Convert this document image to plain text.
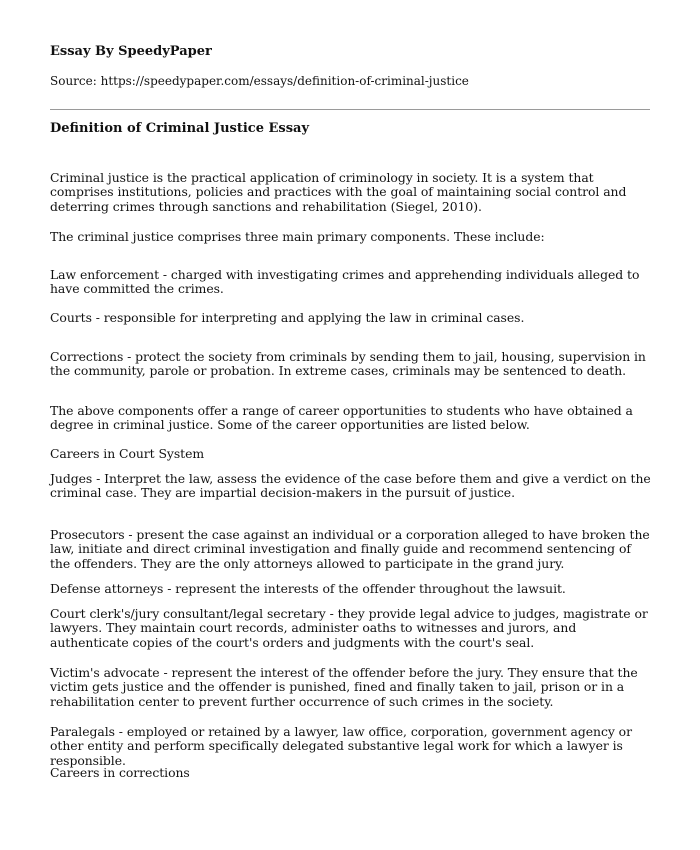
Essay By SpeedyPaper
Source: https://speedypaper.com/essays/definition-of-criminal-justice
Definition of Criminal Justice Essay

Criminal justice is the practical application of criminology in society. It is a system that comprises institutions, policies and practices with the goal of maintaining social control and deterring crimes through sanctions and rehabilitation (Siegel, 2010).

The criminal justice comprises three main primary components. These include:

Law enforcement - charged with investigating crimes and apprehending individuals alleged to have committed the crimes.

Courts - responsible for interpreting and applying the law in criminal cases.

Corrections - protect the society from criminals by sending them to jail, housing, supervision in the community, parole or probation. In extreme cases, criminals may be sentenced to death.

The above components offer a range of career opportunities to students who have obtained a degree in criminal justice. Some of the career opportunities are listed below.

Careers in Court System

Judges - Interpret the law, assess the evidence of the case before them and give a verdict on the criminal case. They are impartial decision-makers in the pursuit of justice.

Prosecutors - present the case against an individual or a corporation alleged to have broken the law, initiate and direct criminal investigation and finally guide and recommend sentencing of the offenders. They are the only attorneys allowed to participate in the grand jury.

Defense attorneys - represent the interests of the offender throughout the lawsuit.

Court clerk's/jury consultant/legal secretary - they provide legal advice to judges, magistrate or lawyers. They maintain court records, administer oaths to witnesses and jurors, and authenticate copies of the court's orders and judgments with the court's seal.

Victim's advocate - represent the interest of the offender before the jury. They ensure that the victim gets justice and the offender is punished, fined and finally taken to jail, prison or in a rehabilitation center to prevent further occurrence of such crimes in the society.

Paralegals - employed or retained by a lawyer, law office, corporation, government agency or other entity and perform specifically delegated substantive legal work for which a lawyer is responsible.

Careers in corrections
